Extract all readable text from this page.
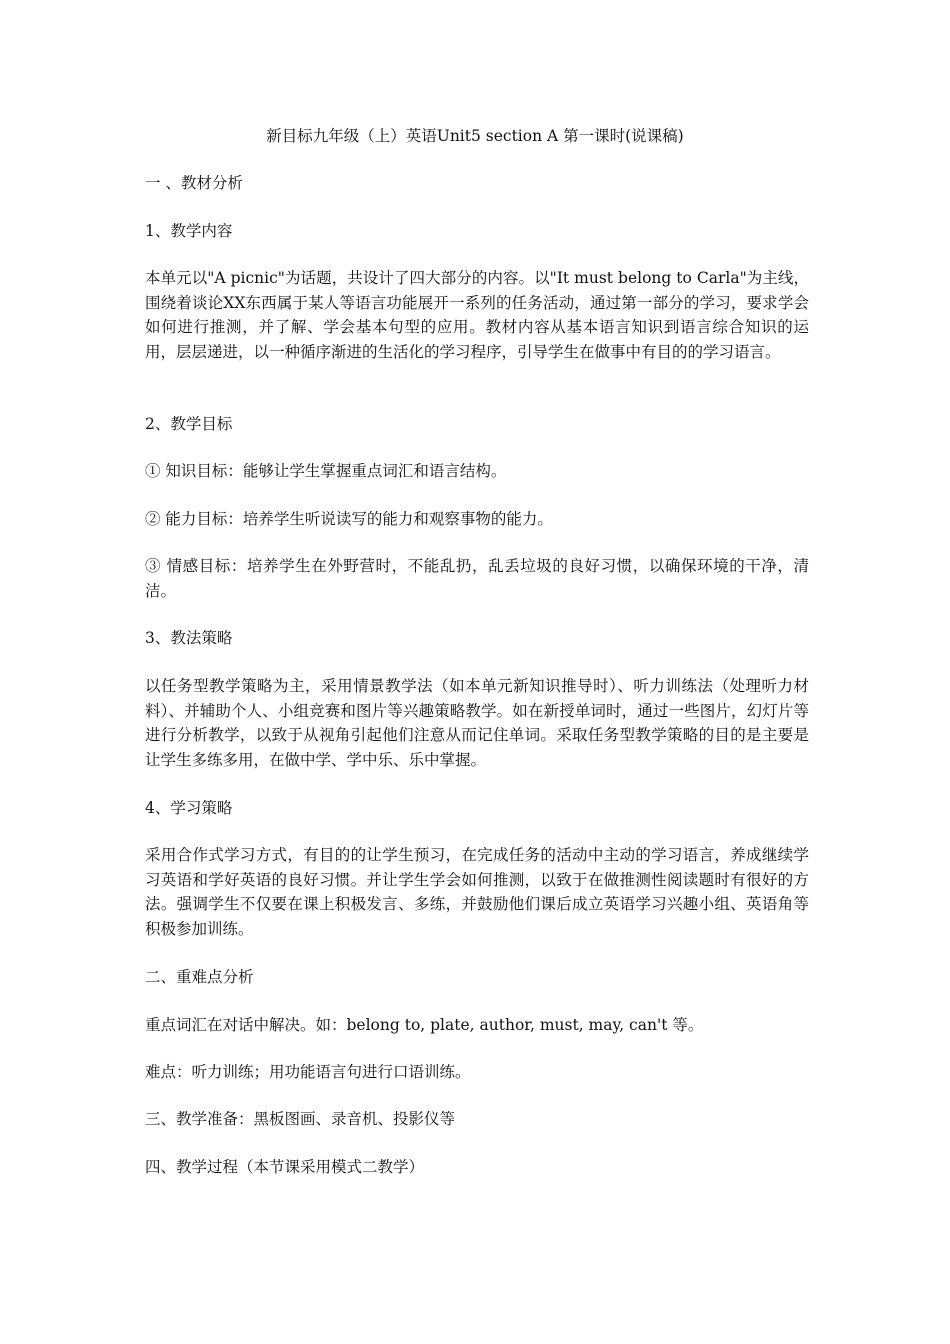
新目标九年级（上）英语Unit5 section A 第一课时(说课稿)
一 、教材分析
1、教学内容
本单元以"A picnic"为话题，共设计了四大部分的内容。以"It must belong to Carla"为主线，围绕着谈论XX东西属于某人等语言功能展开一系列的任务活动，通过第一部分的学习，要求学会如何进行推测，并了解、学会基本句型的应用。教材内容从基本语言知识到语言综合知识的运用，层层递进，以一种循序渐进的生活化的学习程序，引导学生在做事中有目的的学习语言。
2、教学目标
① 知识目标：能够让学生掌握重点词汇和语言结构。
② 能力目标：培养学生听说读写的能力和观察事物的能力。
③ 情感目标：培养学生在外野营时，不能乱扔，乱丢垃圾的良好习惯，以确保环境的干净，清洁。
3、教法策略
以任务型教学策略为主，采用情景教学法（如本单元新知识推导时）、听力训练法（处理听力材料）、并辅助个人、小组竞赛和图片等兴趣策略教学。如在新授单词时，通过一些图片，幻灯片等进行分析教学，以致于从视角引起他们注意从而记住单词。采取任务型教学策略的目的是主要是让学生多练多用，在做中学、学中乐、乐中掌握。
4、学习策略
采用合作式学习方式，有目的的让学生预习，在完成任务的活动中主动的学习语言，养成继续学习英语和学好英语的良好习惯。并让学生学会如何推测，以致于在做推测性阅读题时有很好的方法。强调学生不仅要在课上积极发言、多练，并鼓励他们课后成立英语学习兴趣小组、英语角等积极参加训练。
二、重难点分析
重点词汇在对话中解决。如：belong to, plate, author, must, may, can't 等。
难点：听力训练；用功能语言句进行口语训练。
三、教学准备：黑板图画、录音机、投影仪等
四、教学过程（本节课采用模式二教学）
